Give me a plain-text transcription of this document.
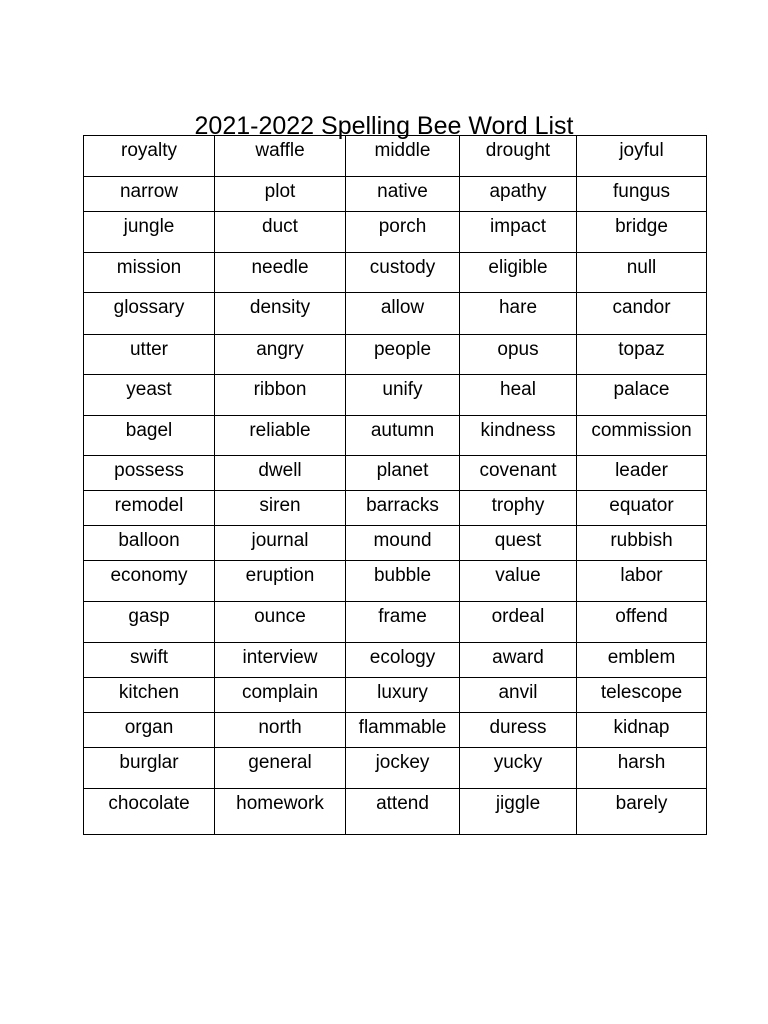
2021-2022 Spelling Bee Word List
royalty	waffle	middle	drought	joyful
narrow	plot	native	apathy	fungus
jungle	duct	porch	impact	bridge
mission	needle	custody	eligible	null
glossary	density	allow	hare	candor
utter	angry	people	opus	topaz
yeast	ribbon	unify	heal	palace
bagel	reliable	autumn	kindness	commission
possess	dwell	planet	covenant	leader
remodel	siren	barracks	trophy	equator
balloon	journal	mound	quest	rubbish
economy	eruption	bubble	value	labor
gasp	ounce	frame	ordeal	offend
swift	interview	ecology	award	emblem
kitchen	complain	luxury	anvil	telescope
organ	north	flammable	duress	kidnap
burglar	general	jockey	yucky	harsh
chocolate	homework	attend	jiggle	barely
